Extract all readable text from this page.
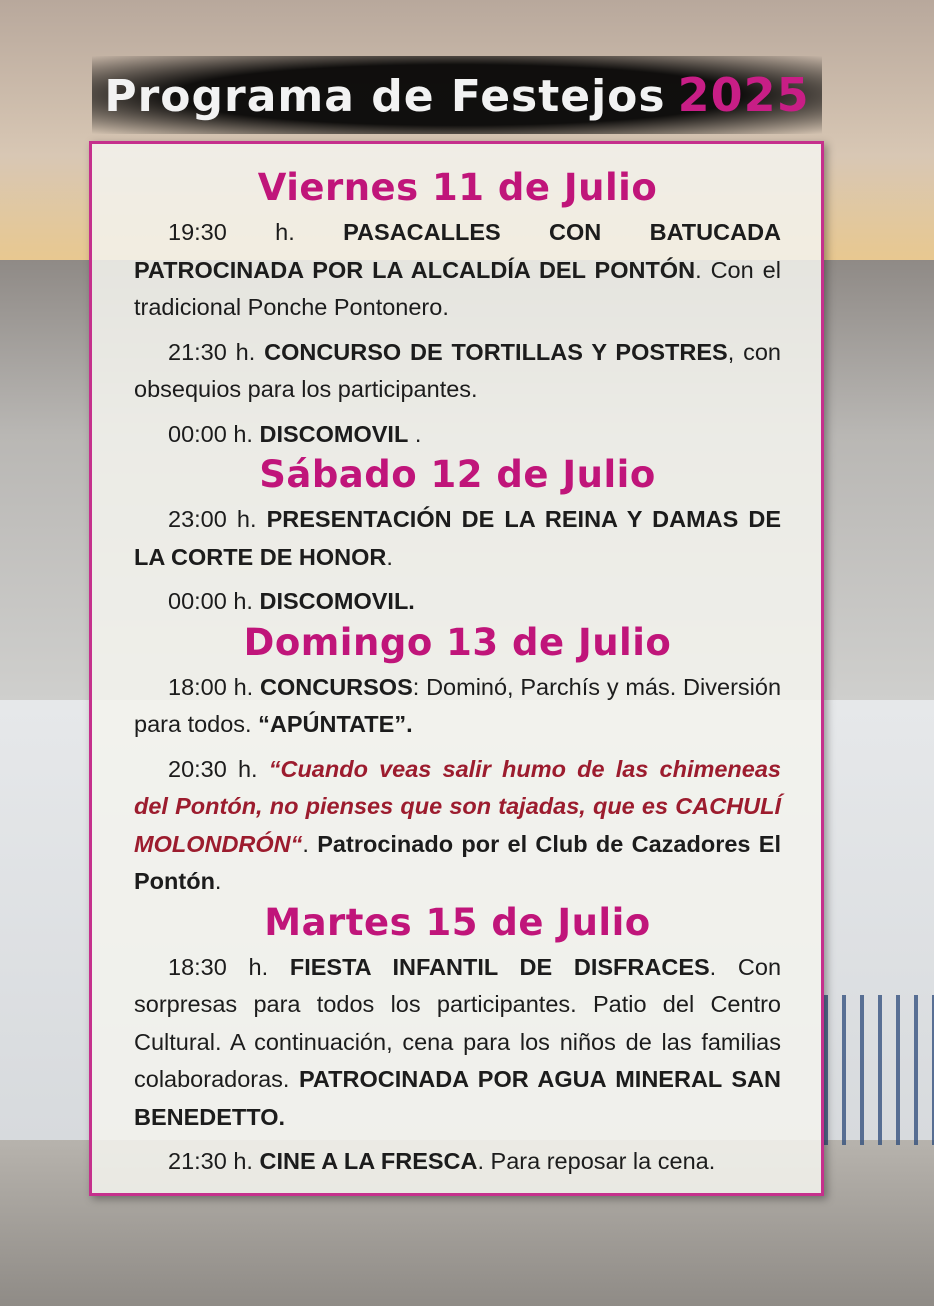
Programa de Festejos 2025
Viernes 11 de Julio

19:30 h. PASACALLES CON BATUCADA PATROCINADA POR LA ALCALDÍA DEL PONTÓN. Con el tradicional Ponche Pontonero.

21:30 h. CONCURSO DE TORTILLAS Y POSTRES, con obsequios para los participantes.

00:00 h. DISCOMOVIL .

Sábado 12 de Julio

23:00 h. PRESENTACIÓN DE LA REINA Y DAMAS DE LA CORTE DE HONOR.

00:00 h. DISCOMOVIL.

Domingo 13 de Julio

18:00 h. CONCURSOS: Dominó, Parchís y más. Diversión para todos. “APÚNTATE”.

20:30 h. “Cuando veas salir humo de las chimeneas del Pontón, no pienses que son tajadas, que es CACHULÍ MOLONDRÓN“. Patrocinado por el Club de Cazadores El Pontón.

Martes 15 de Julio

18:30 h. FIESTA INFANTIL DE DISFRACES. Con sorpresas para todos los participantes. Patio del Centro Cultural. A continuación, cena para los niños de las familias colaboradoras. PATROCINADA POR AGUA MINERAL SAN BENEDETTO.

21:30 h. CINE A LA FRESCA. Para reposar la cena.
